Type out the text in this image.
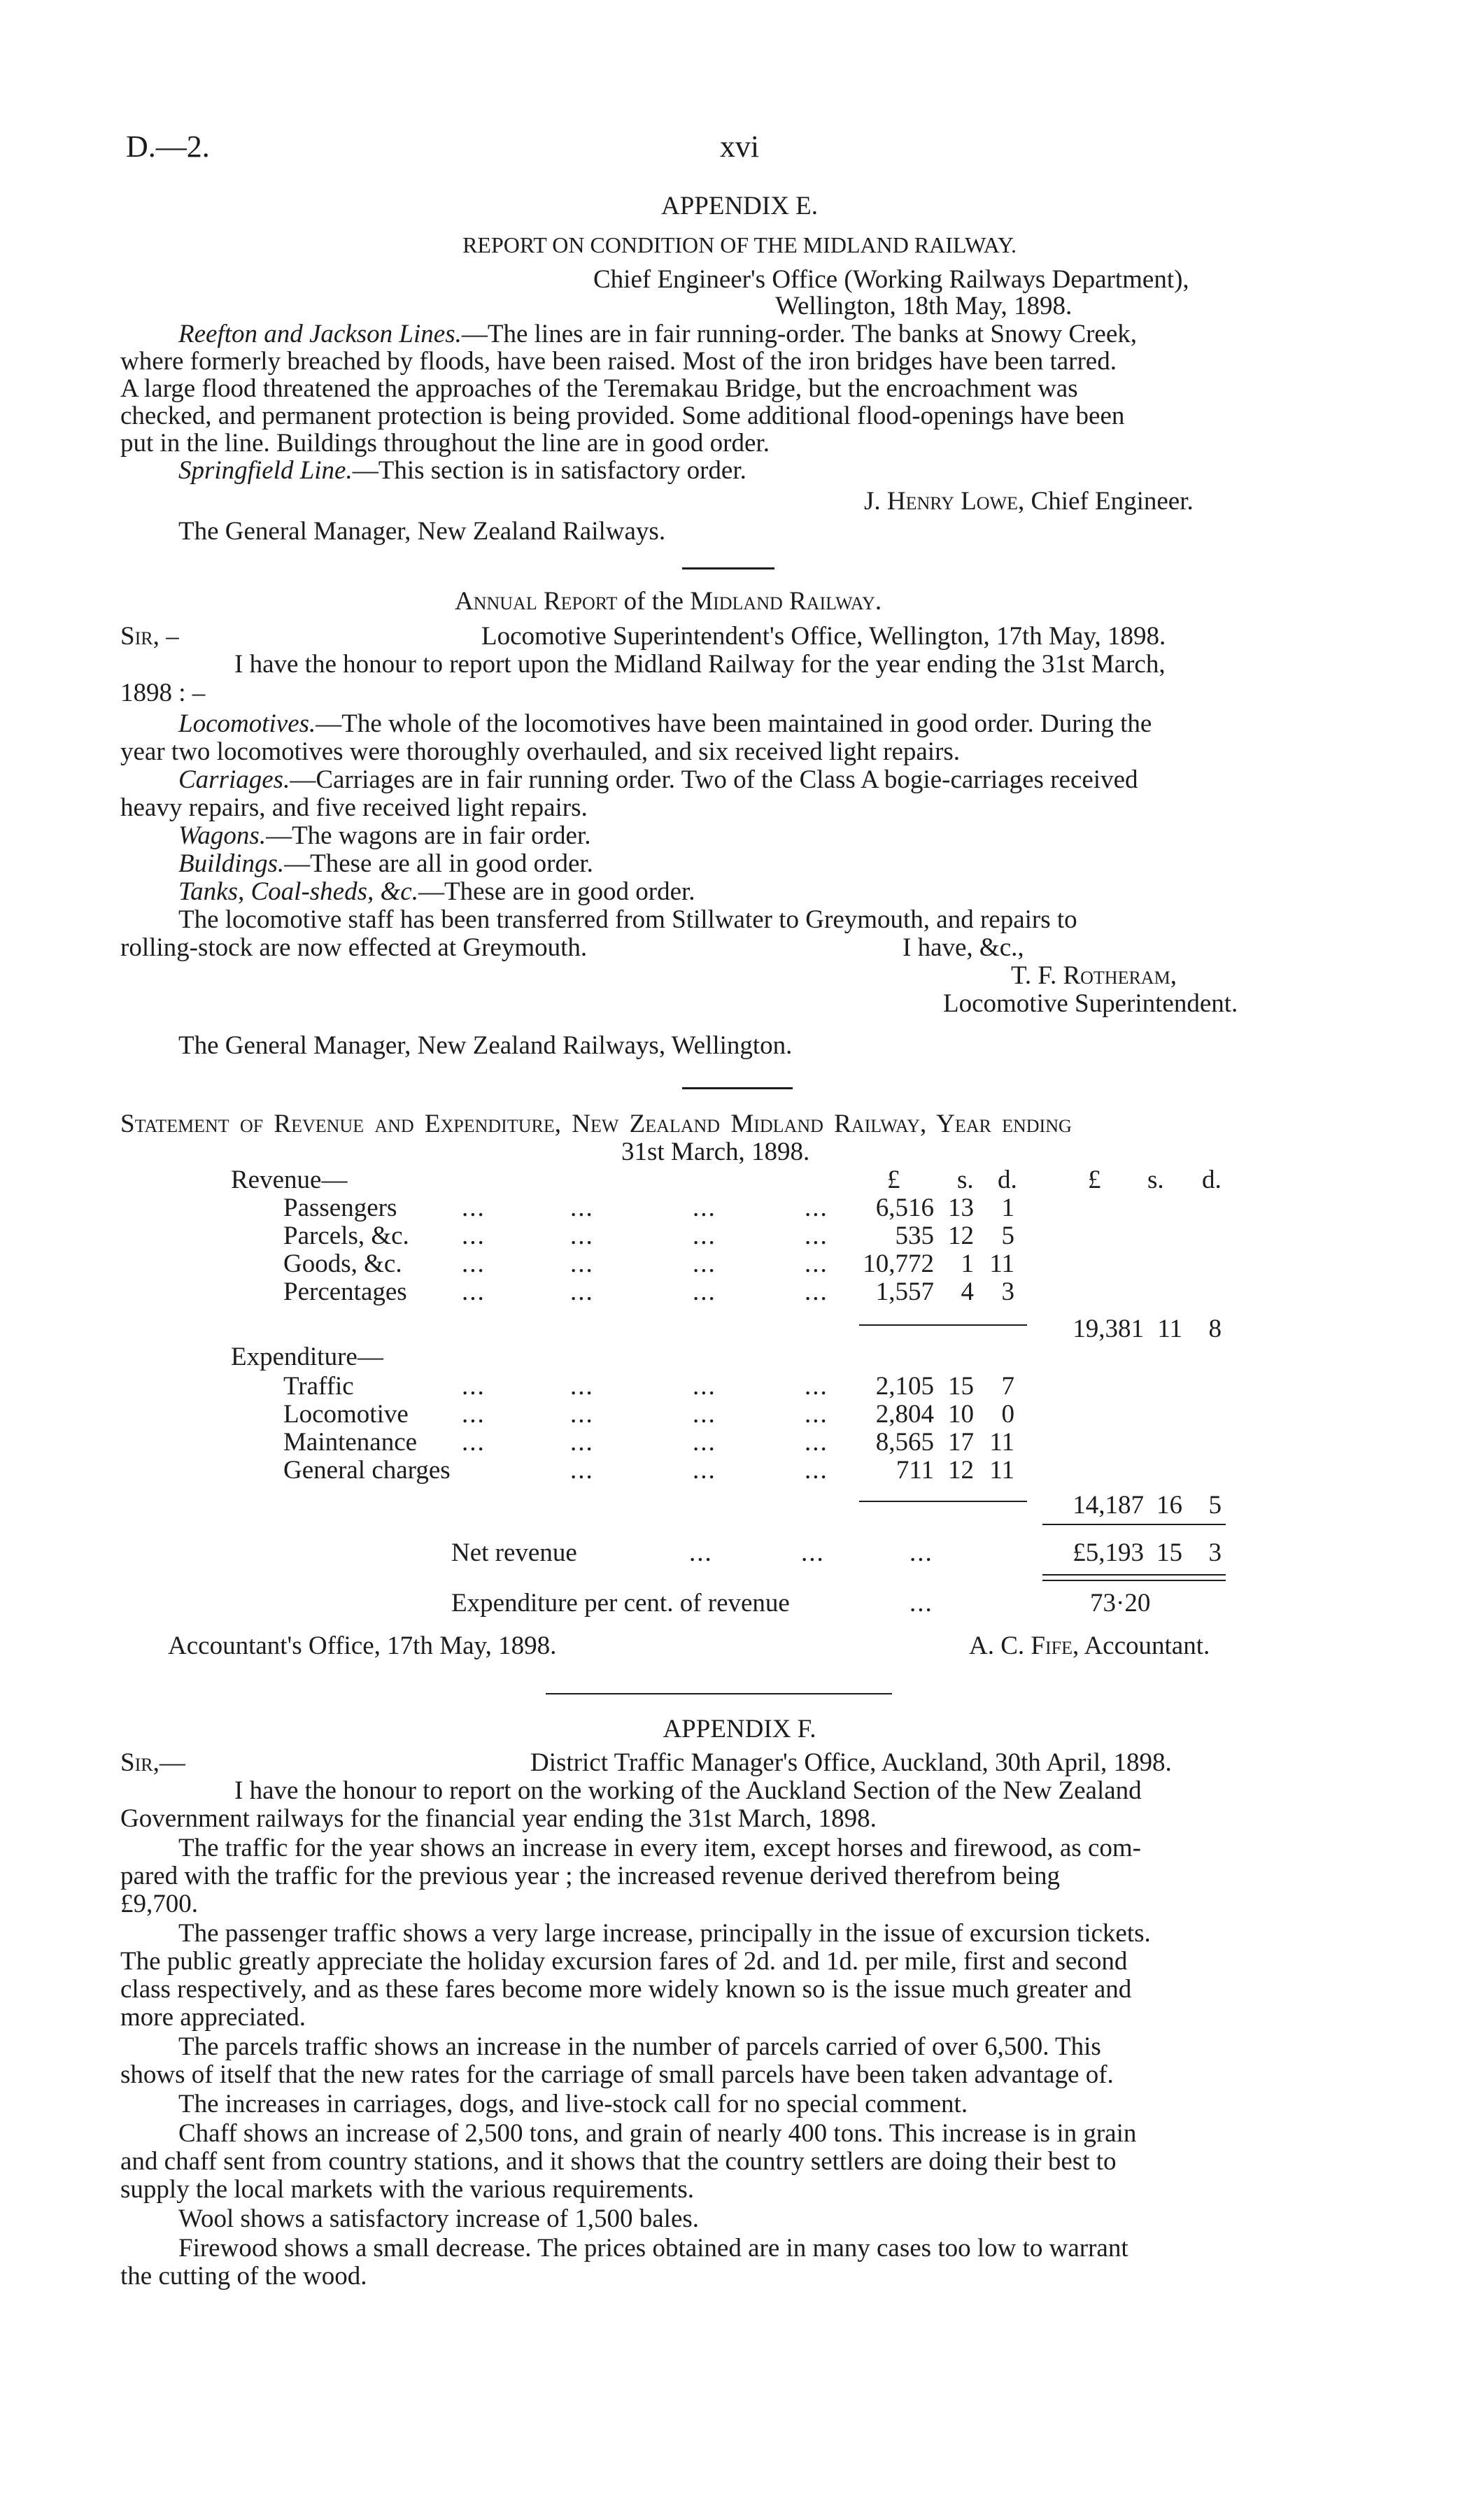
D.—2.	xvi
APPENDIX E.
REPORT ON CONDITION OF THE MIDLAND RAILWAY.
Chief Engineer's Office (Working Railways Department),
Wellington, 18th May, 1898.
Reefton and Jackson Lines.—The lines are in fair running-order. The banks at Snowy Creek,
where formerly breached by floods, have been raised. Most of the iron bridges have been tarred.
A large flood threatened the approaches of the Teremakau Bridge, but the encroachment was
checked, and permanent protection is being provided. Some additional flood-openings have been
put in the line. Buildings throughout the line are in good order.
Springfield Line.—This section is in satisfactory order.
J. Henry Lowe, Chief Engineer.
The General Manager, New Zealand Railways.
Annual Report of the Midland Railway.
Sir, –	Locomotive Superintendent's Office, Wellington, 17th May, 1898.
I have the honour to report upon the Midland Railway for the year ending the 31st March,
1898 : –
Locomotives.—The whole of the locomotives have been maintained in good order. During the
year two locomotives were thoroughly overhauled, and six received light repairs.
Carriages.—Carriages are in fair running order. Two of the Class A bogie-carriages received
heavy repairs, and five received light repairs.
Wagons.—The wagons are in fair order.
Buildings.—These are all in good order.
Tanks, Coal-sheds, &c.—These are in good order.
The locomotive staff has been transferred from Stillwater to Greymouth, and repairs to
rolling-stock are now effected at Greymouth.	I have, &c.,
T. F. Rotheram,
Locomotive Superintendent.
The General Manager, New Zealand Railways, Wellington.
Statement of Revenue and Expenditure, New Zealand Midland Railway, Year ending
31st March, 1898.
Revenue—	£ s. d.	£ s. d.
Passengers	...	...	...	...	6,516 13	1
Parcels, &c. ...	...	...	...	535 12	5
Goods, &c. ...	...	...	...	10,772	1 11
Percentages ...	...	...	...	1,557	4	3
19,381 11	8
Expenditure—
Traffic	...	...	...	...	2,105 15	7
Locomotive ...	...	...	...	2,804 10	0
Maintenance ...	...	...	...	8,565 17 11
General charges	...	...	...	711 12 11
14,187 16	5
Net revenue	...	...	...	£5,193 15	3
Expenditure per cent. of revenue	...	73·20
Accountant's Office, 17th May, 1898.	A. C. Fife, Accountant.
APPENDIX F.
Sir,—	District Traffic Manager's Office, Auckland, 30th April, 1898.
I have the honour to report on the working of the Auckland Section of the New Zealand
Government railways for the financial year ending the 31st March, 1898.
The traffic for the year shows an increase in every item, except horses and firewood, as com-
pared with the traffic for the previous year ; the increased revenue derived therefrom being
£9,700.
The passenger traffic shows a very large increase, principally in the issue of excursion tickets.
The public greatly appreciate the holiday excursion fares of 2d. and 1d. per mile, first and second
class respectively, and as these fares become more widely known so is the issue much greater and
more appreciated.
The parcels traffic shows an increase in the number of parcels carried of over 6,500. This
shows of itself that the new rates for the carriage of small parcels have been taken advantage of.
The increases in carriages, dogs, and live-stock call for no special comment.
Chaff shows an increase of 2,500 tons, and grain of nearly 400 tons. This increase is in grain
and chaff sent from country stations, and it shows that the country settlers are doing their best to
supply the local markets with the various requirements.
Wool shows a satisfactory increase of 1,500 bales.
Firewood shows a small decrease. The prices obtained are in many cases too low to warrant
the cutting of the wood.
